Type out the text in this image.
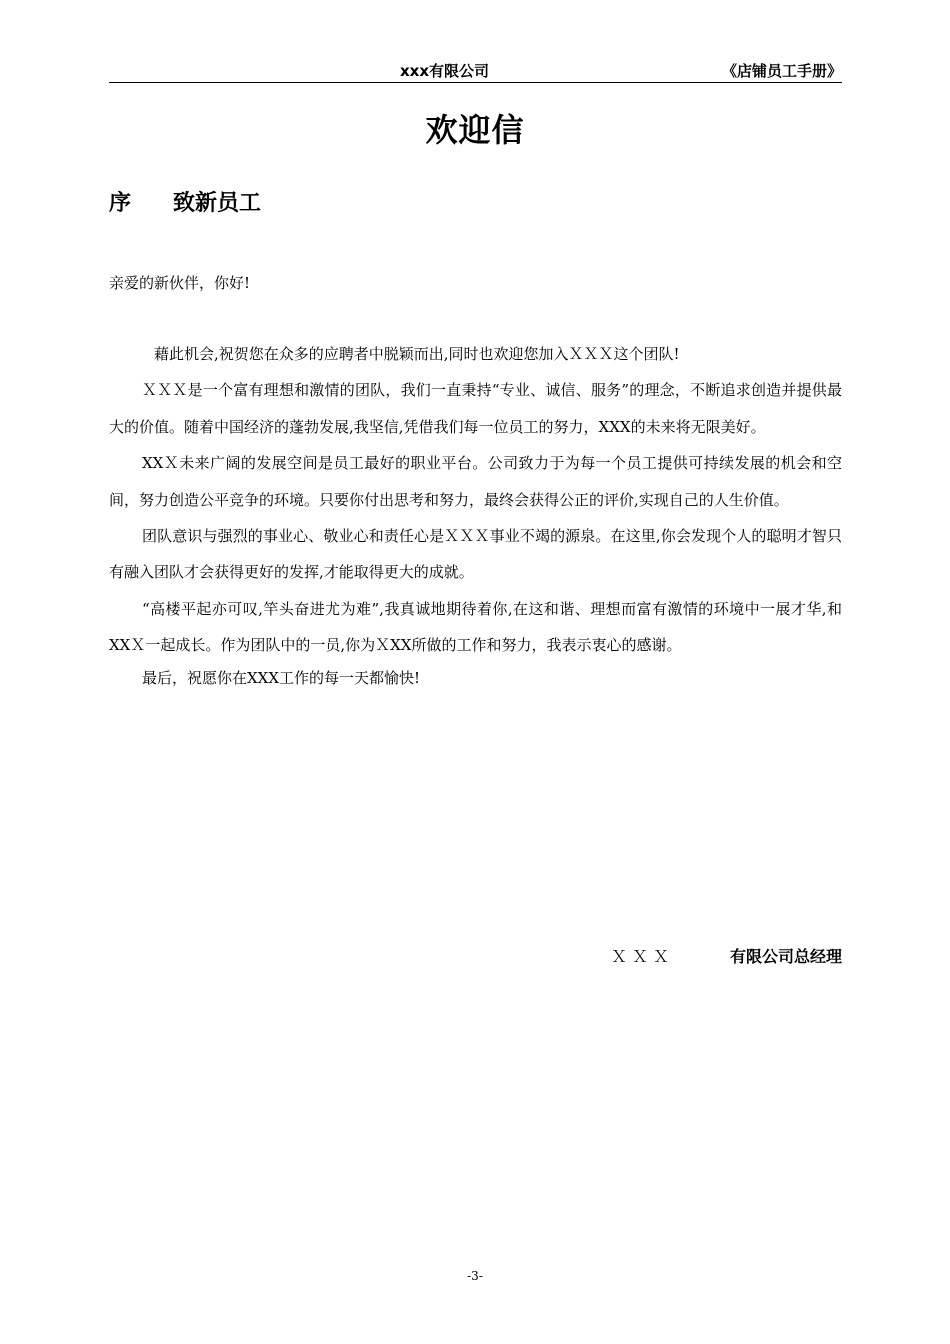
xxx有限公司	《店铺员工手册》
欢迎信
序 致新员工
亲爱的新伙伴，你好!

藉此机会,祝贺您在众多的应聘者中脱颖而出,同时也欢迎您加入ＸＸＸ这个团队!

ＸＸＸ是一个富有理想和激情的团队，我们一直秉持“专业、诚信、服务”的理念，不断追求创造并提供最大的价值。随着中国经济的蓬勃发展,我坚信,凭借我们每一位员工的努力，XXX的未来将无限美好。

XXＸ未来广阔的发展空间是员工最好的职业平台。公司致力于为每一个员工提供可持续发展的机会和空间，努力创造公平竞争的环境。只要你付出思考和努力，最终会获得公正的评价,实现自己的人生价值。

团队意识与强烈的事业心、敬业心和责任心是ＸＸＸ事业不竭的源泉。在这里,你会发现个人的聪明才智只有融入团队才会获得更好的发挥,才能取得更大的成就。

“高楼平起亦可叹,竿头奋进尤为难”,我真诚地期待着你,在这和谐、理想而富有激情的环境中一展才华,和XXＸ一起成长。作为团队中的一员,你为ＸXX所做的工作和努力，我表示衷心的感谢。

最后，祝愿你在XXX工作的每一天都愉快!

ＸＸＸ	有限公司总经理
-3-
